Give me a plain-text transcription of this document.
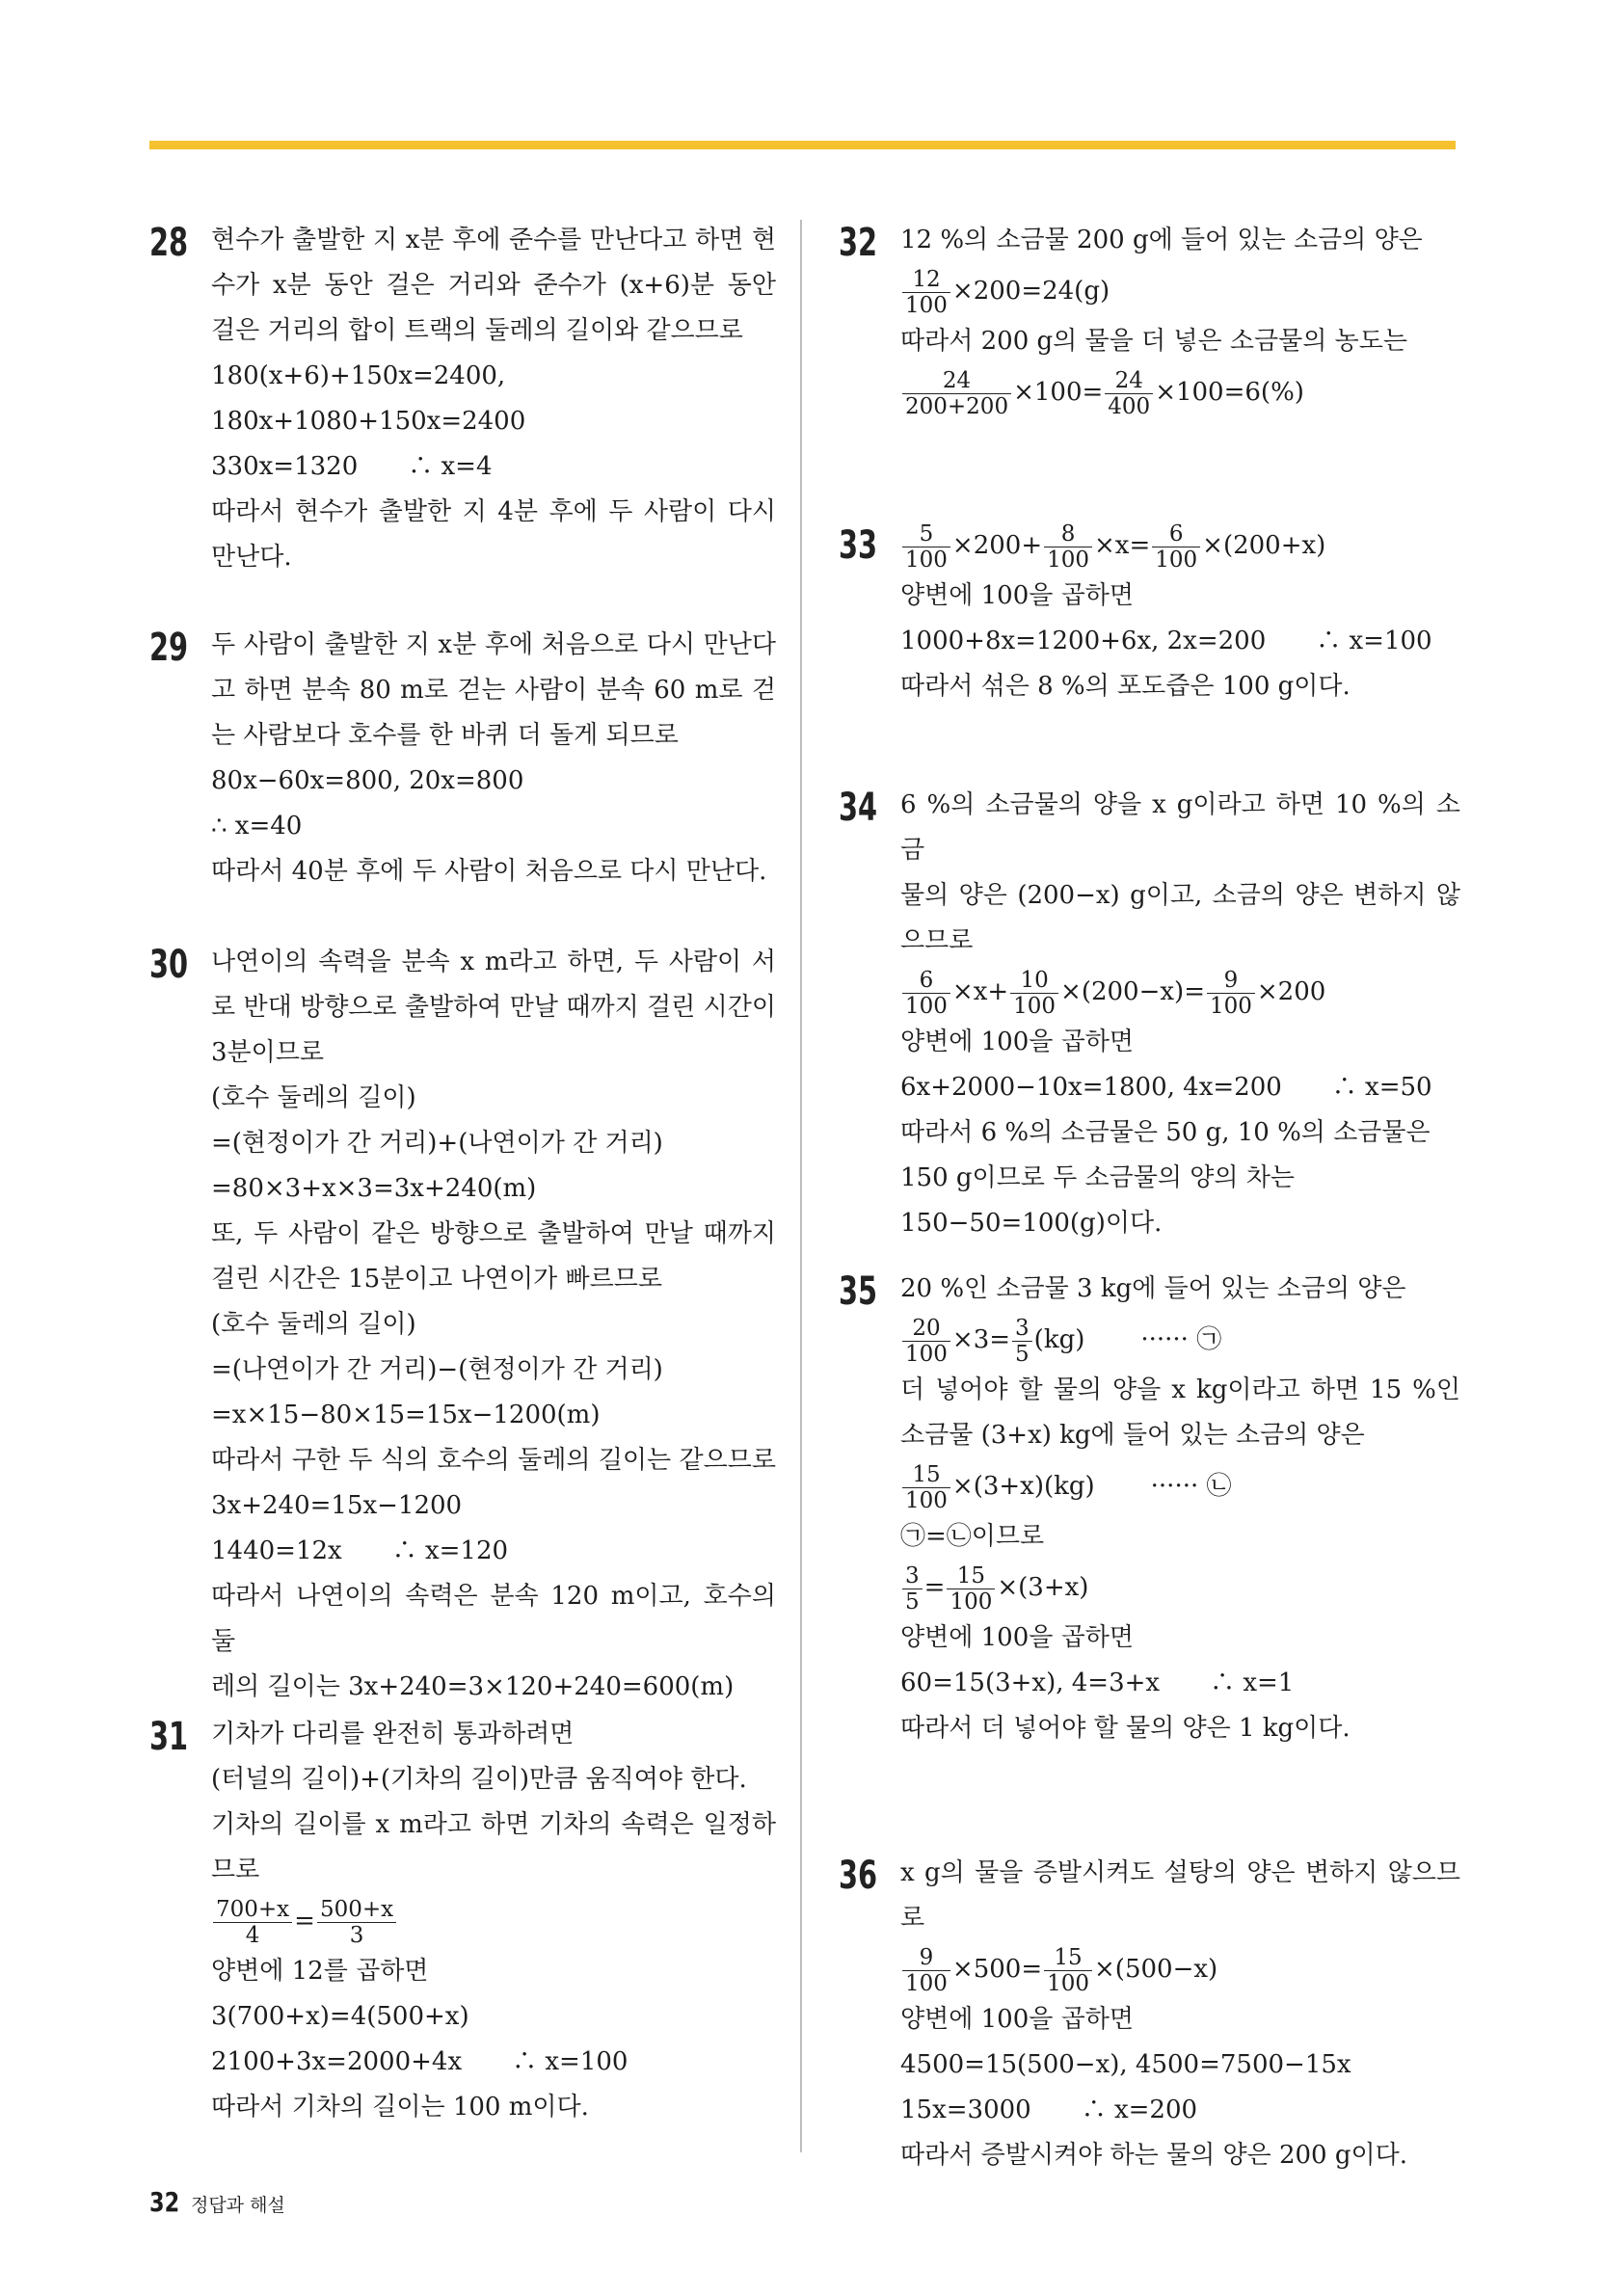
28 현수가 출발한 지 x분 후에 준수를 만난다고 하면 현
수가 x분 동안 걸은 거리와 준수가 (x+6)분 동안
걸은 거리의 합이 트랙의 둘레의 길이와 같으므로
180(x+6)+150x=2400,
180x+1080+150x=2400
330x=1320　　∴ x=4
따라서 현수가 출발한 지 4분 후에 두 사람이 다시
만난다.
29 두 사람이 출발한 지 x분 후에 처음으로 다시 만난다
고 하면 분속 80 m로 걷는 사람이 분속 60 m로 걷
는 사람보다 호수를 한 바퀴 더 돌게 되므로
80x−60x=800, 20x=800
∴ x=40
따라서 40분 후에 두 사람이 처음으로 다시 만난다.
30 나연이의 속력을 분속 x m라고 하면, 두 사람이 서
로 반대 방향으로 출발하여 만날 때까지 걸린 시간이
3분이므로
(호수 둘레의 길이)
=(현정이가 간 거리)+(나연이가 간 거리)
=80×3+x×3=3x+240(m)
또, 두 사람이 같은 방향으로 출발하여 만날 때까지
걸린 시간은 15분이고 나연이가 빠르므로
(호수 둘레의 길이)
=(나연이가 간 거리)−(현정이가 간 거리)
=x×15−80×15=15x−1200(m)
따라서 구한 두 식의 호수의 둘레의 길이는 같으므로
3x+240=15x−1200
1440=12x　　∴ x=120
따라서 나연이의 속력은 분속 120 m이고, 호수의 둘
레의 길이는 3x+240=3×120+240=600(m)
31 기차가 다리를 완전히 통과하려면
(터널의 길이)+(기차의 길이)만큼 움직여야 한다.
기차의 길이를 x m라고 하면 기차의 속력은 일정하
므로
$\frac{700+x}{4} = \frac{500+x}{3}$
양변에 12를 곱하면
3(700+x)=4(500+x)
2100+3x=2000+4x　　∴ x=100
따라서 기차의 길이는 100 m이다.
32 12 %의 소금물 200 g에 들어 있는 소금의 양은
$\frac{12}{100} \times 200=24(g)$
따라서 200 g의 물을 더 넣은 소금물의 농도는
$\frac{24}{200+200} \times 100= \frac{24}{400} \times 100=6(\%)$
$33 \frac{5}{100} \times 200+ \frac{8}{100} \times x= \frac{6}{100} \times(200+x)$
양변에 100을 곱하면
1000+8x=1200+6x, 2x=200　　∴ x=100
따라서 섞은 8 %의 포도즙은 100 g이다.
34 6 %의 소금물의 양을 x g이라고 하면 10 %의 소금
물의 양은 (200−x) g이고, 소금의 양은 변하지 않
으므로
$\frac{6}{100} \times x+ \frac{10}{100} \times(200-x)= \frac{9}{100} \times 200$
양변에 100을 곱하면
6x+2000−10x=1800, 4x=200　　∴ x=50
따라서 6 %의 소금물은 50 g, 10 %의 소금물은
150 g이므로 두 소금물의 양의 차는
150−50=100(g)이다.
35 20 %인 소금물 3 kg에 들어 있는 소금의 양은
$\frac{20}{100} \times 3= \frac{3}{5} (kg)$ ······ ㉠
더 넣어야 할 물의 양을 x kg이라고 하면 15 %인
소금물 (3+x) kg에 들어 있는 소금의 양은
$\frac{15}{100} \times(3+x)(kg)$ ······ ㉡
㉠=㉡이므로
$\frac{3}{5} = \frac{15}{100} \times(3+x)$
양변에 100을 곱하면
60=15(3+x), 4=3+x　　∴ x=1
따라서 더 넣어야 할 물의 양은 1 kg이다.
36 x g의 물을 증발시켜도 설탕의 양은 변하지 않으므로
$\frac{9}{100} \times 500= \frac{15}{100} \times(500-x)$
양변에 100을 곱하면
4500=15(500−x), 4500=7500−15x
15x=3000　　∴ x=200
따라서 증발시켜야 하는 물의 양은 200 g이다.
32 정답과 해설
